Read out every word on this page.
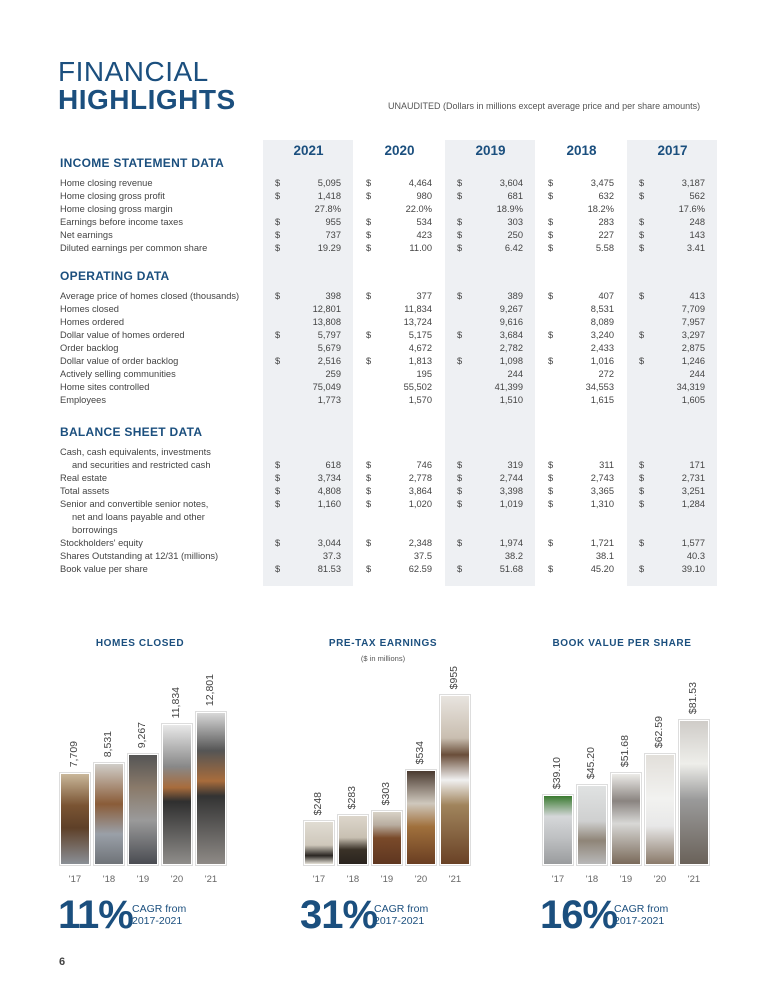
FINANCIAL
HIGHLIGHTS	UNAUDITED (Dollars in millions except average price and per share amounts)
2021	2020	2019	2018	2017
INCOME STATEMENT DATA
Home closing revenue	$	5,095	$	4,464	$	3,604	$	3,475	$	3,187
Home closing gross profit	$	1,418	$	980	$	681	$	632	$	562
Home closing gross margin	27.8%	22.0%	18.9%	18.2%	17.6%
Earnings before income taxes	$	955	$	534	$	303	$	283	$	248
Net earnings	$	737	$	423	$	250	$	227	$	143
Diluted earnings per common share	$	19.29	$	11.00	$	6.42	$	5.58	$	3.41
OPERATING DATA
Average price of homes closed (thousands)	$	398	$	377	$	389	$	407	$	413
Homes closed	12,801	11,834	9,267	8,531	7,709
Homes ordered	13,808	13,724	9,616	8,089	7,957
Dollar value of homes ordered	$	5,797	$	5,175	$	3,684	$	3,240	$	3,297
Order backlog	5,679	4,672	2,782	2,433	2,875
Dollar value of order backlog	$	2,516	$	1,813	$	1,098	$	1,016	$	1,246
Actively selling communities	259	195	244	272	244
Home sites controlled	75,049	55,502	41,399	34,553	34,319
Employees	1,773	1,570	1,510	1,615	1,605
BALANCE SHEET DATA
Cash, cash equivalents, investments
and securities and restricted cash	$	618	$	746	$	319	$	311	$	171
Real estate	$	3,734	$	2,778	$	2,744	$	2,743	$	2,731
Total assets	$	4,808	$	3,864	$	3,398	$	3,365	$	3,251
Senior and convertible senior notes,
net and loans payable and other
borrowings
$	1,160	$	1,020	$	1,019	$	1,310	$	1,284
Stockholders' equity	$	3,044	$	2,348	$	1,974	$	1,721	$	1,577
Shares Outstanding at 12/31 (millions)	37.3	37.5	38.2	38.1	40.3
Book value per share	$	81.53	$	62.59	$	51.68	$	45.20	$	39.10
HOMES CLOSED
7,709
'17
8,531
'18
9,267
'19
11,834
'20
12,801
'21
11% CAGR from
2017-2021
PRE-TAX EARNINGS
($ in millions)
$248
'17
$283
'18
$303
'19
$534
'20
$955
'21
31%
CAGR from
2017-2021
BOOK VALUE PER SHARE
$39.10
'17
$45.20
'18
$51.68
'19
$62.59
'20
$81.53
'21
16%
CAGR from
2017-2021
6
